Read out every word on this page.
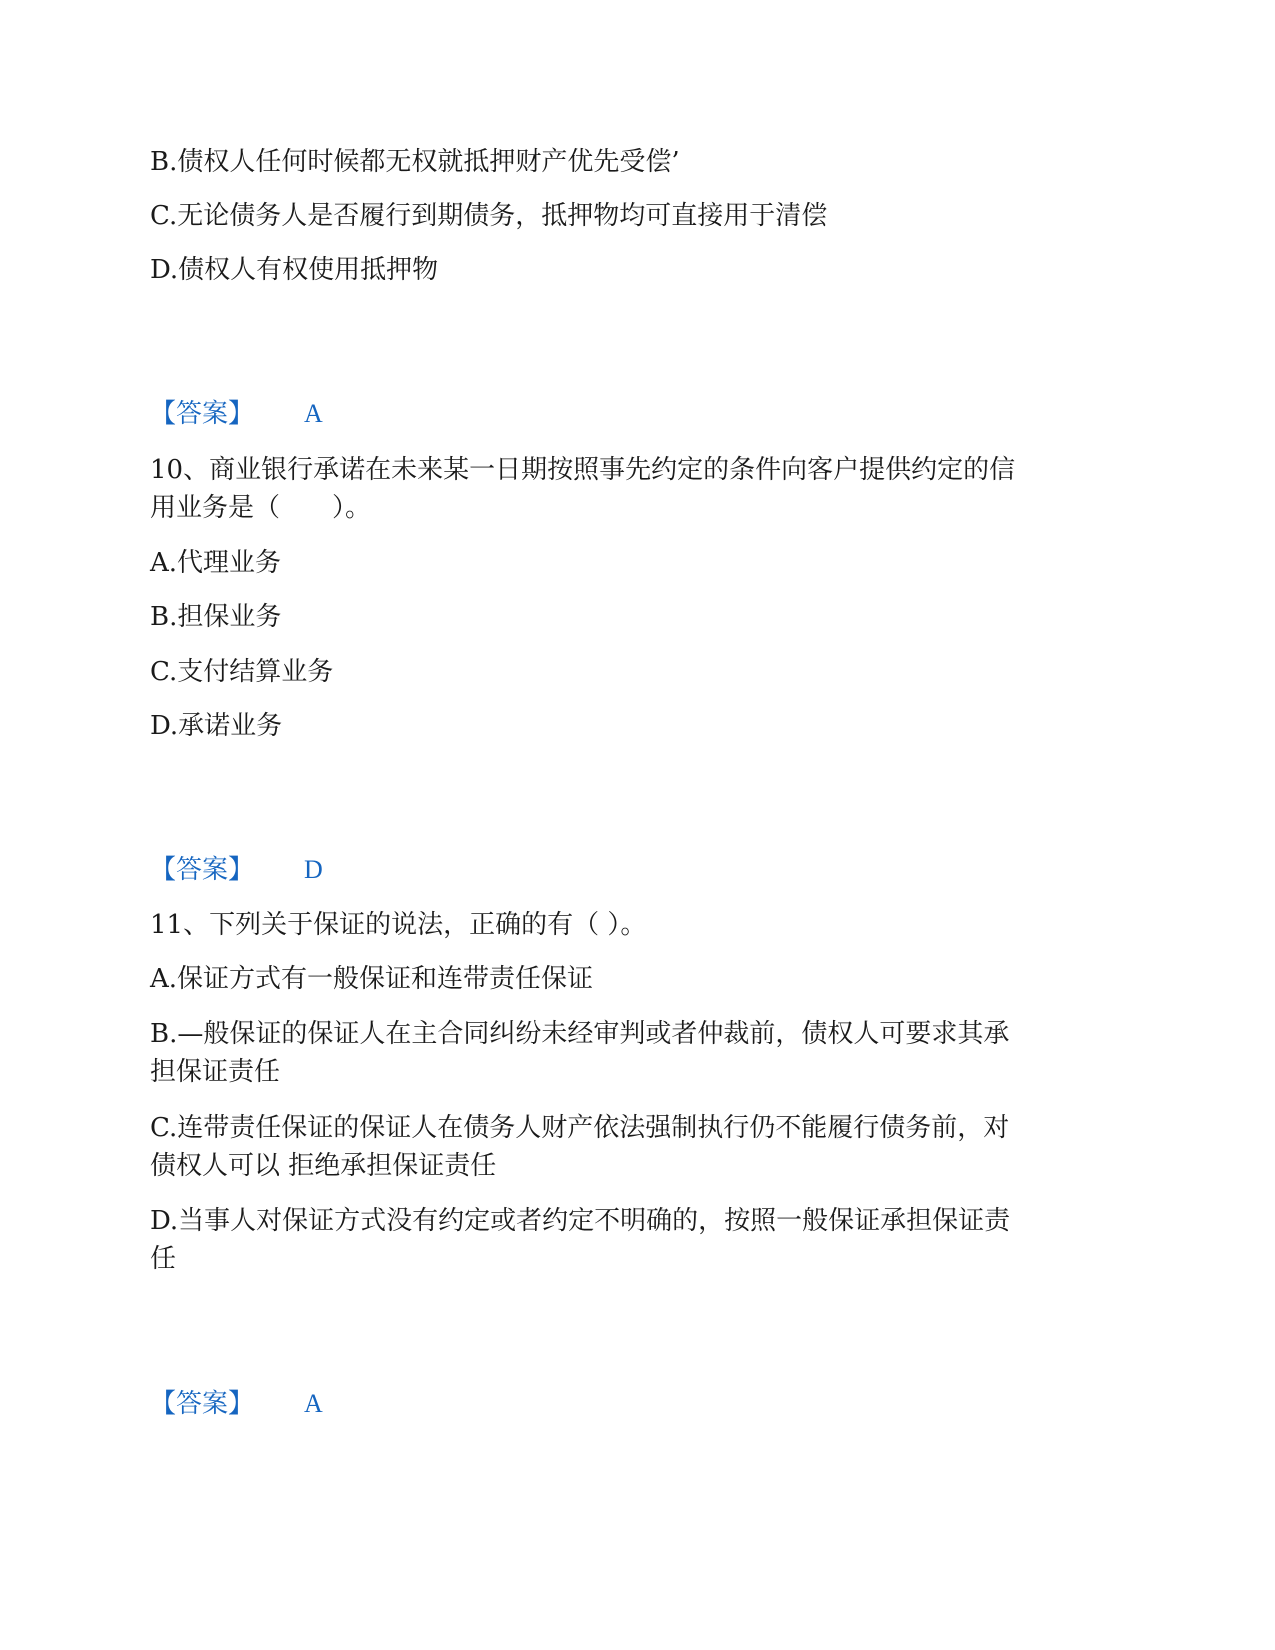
B.债权人任何时候都无权就抵押财产优先受偿’

C.无论债务人是否履行到期债务，抵押物均可直接用于清偿

D.债权人有权使用抵押物

【答案】 A

10、商业银行承诺在未来某一日期按照事先约定的条件向客户提供约定的信

用业务是（　　）。

A.代理业务

B.担保业务

C.支付结算业务

D.承诺业务

【答案】 D

11、下列关于保证的说法，正确的有（ ）。

A.保证方式有一般保证和连带责任保证

B.—般保证的保证人在主合同纠纷未经审判或者仲裁前，债权人可要求其承

担保证责任

C.连带责任保证的保证人在债务人财产依法强制执行仍不能履行债务前，对

债权人可以 拒绝承担保证责任

D.当事人对保证方式没有约定或者约定不明确的，按照一般保证承担保证责

任

【答案】 A
